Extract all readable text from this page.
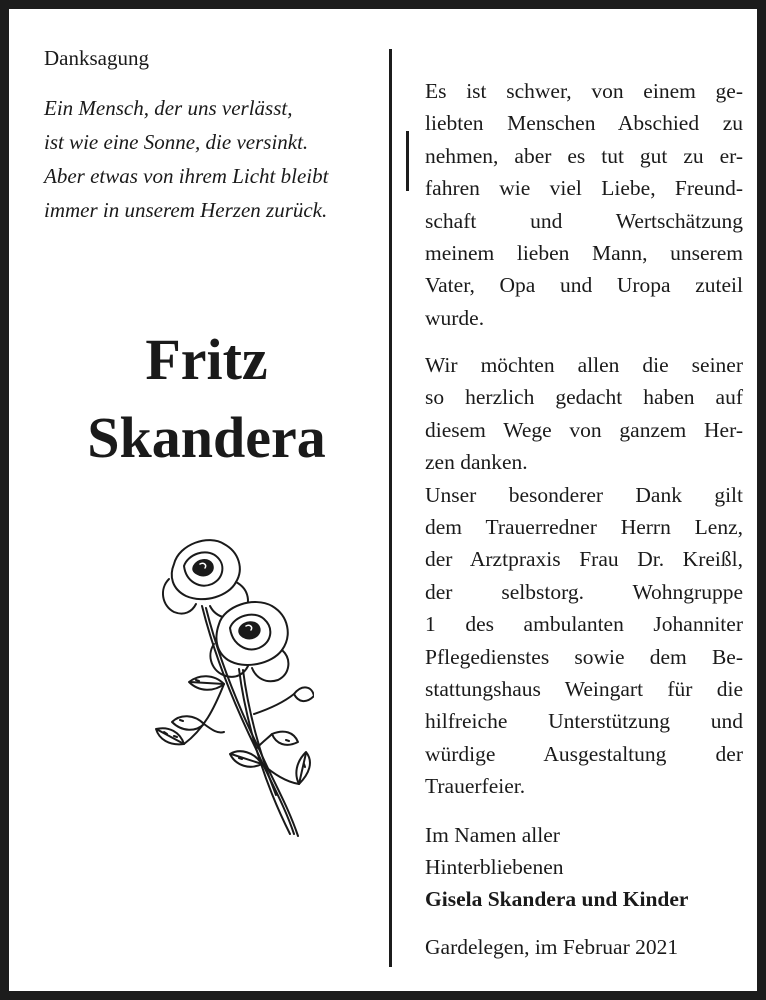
Danksagung
Ein Mensch, der uns verlässt,
ist wie eine Sonne, die versinkt.
Aber etwas von ihrem Licht bleibt
immer in unserem Herzen zurück.
Fritz
Skandera
Es ist schwer, von einem ge-
liebten Menschen Abschied zu
nehmen, aber es tut gut zu er-
fahren wie viel Liebe, Freund-
schaft und Wertschätzung
meinem lieben Mann, unserem
Vater, Opa und Uropa zuteil
wurde.
Wir möchten allen die seiner
so herzlich gedacht haben auf
diesem Wege von ganzem Her-
zen danken.
Unser besonderer Dank gilt
dem Trauerredner Herrn Lenz,
der Arztpraxis Frau Dr. Kreißl,
der selbstorg. Wohngruppe
1 des ambulanten Johanniter
Pflegedienstes sowie dem Be-
stattungshaus Weingart für die
hilfreiche Unterstützung und
würdige Ausgestaltung der
Trauerfeier.
Im Namen aller
Hinterbliebenen
Gisela Skandera und Kinder
Gardelegen, im Februar 2021
